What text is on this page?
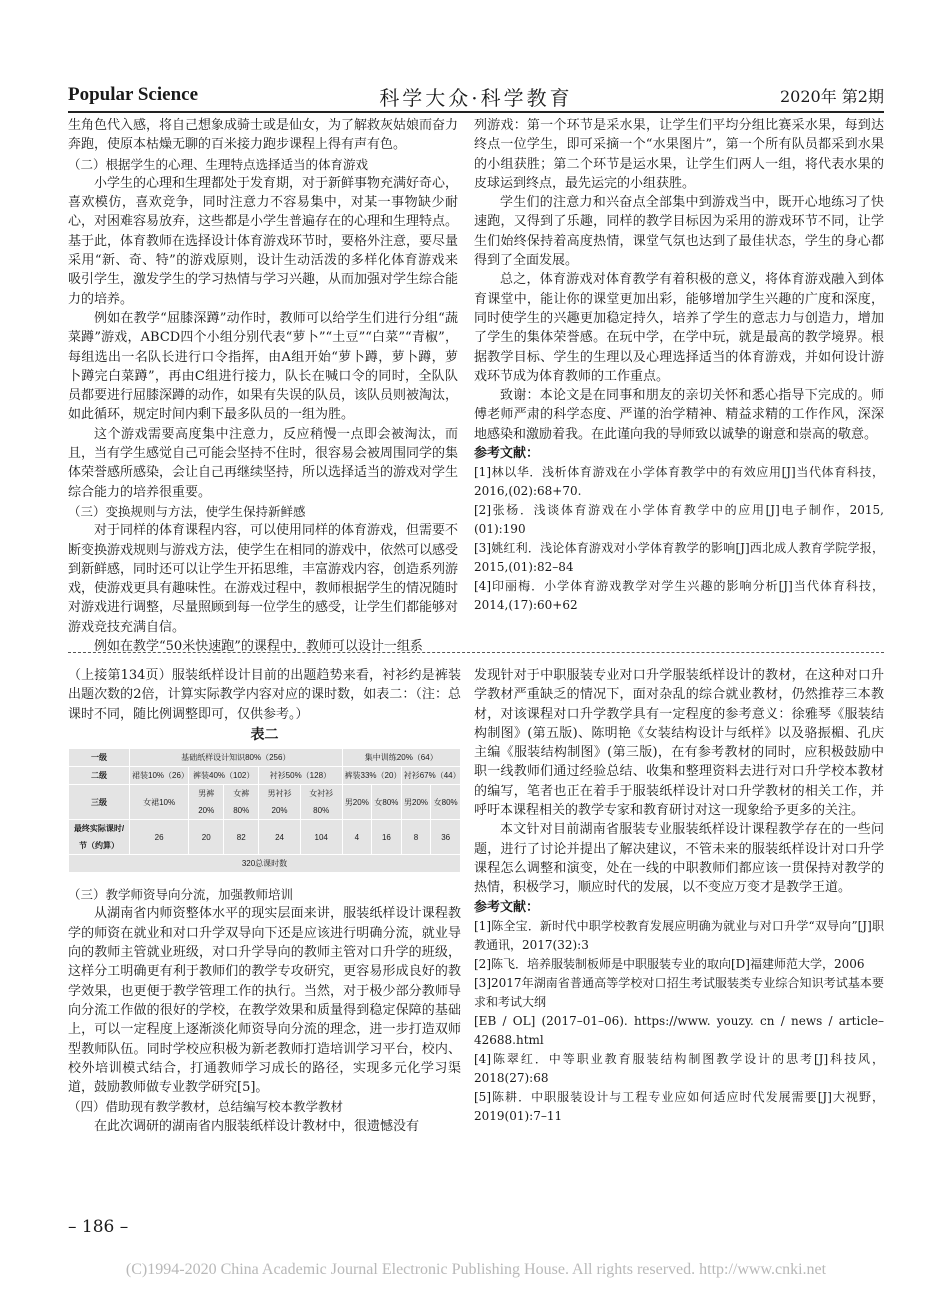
Popular Science	科学大众·科学教育	2020年 第2期

生角色代入感，将自己想象成骑士或是仙女，为了解救灰姑娘而奋力奔跑，使原本枯燥无聊的百米接力跑步课程上得有声有色。

（二）根据学生的心理、生理特点选择适当的体育游戏

小学生的心理和生理都处于发育期，对于新鲜事物充满好奇心，喜欢模仿，喜欢竞争，同时注意力不容易集中，对某一事物缺少耐心，对困难容易放弃，这些都是小学生普遍存在的心理和生理特点。基于此，体育教师在选择设计体育游戏环节时，要格外注意，要尽量采用“新、奇、特”的游戏原则，设计生动活泼的多样化体育游戏来吸引学生，激发学生的学习热情与学习兴趣，从而加强对学生综合能力的培养。

例如在教学“屈膝深蹲”动作时，教师可以给学生们进行分组“蔬菜蹲”游戏，ABCD四个小组分别代表“萝卜”“土豆”“白菜”“青椒”，每组选出一名队长进行口令指挥，由A组开始“萝卜蹲，萝卜蹲，萝卜蹲完白菜蹲”，再由C组进行接力，队长在喊口令的同时，全队队员都要进行屈膝深蹲的动作，如果有失误的队员，该队员则被淘汰，如此循环，规定时间内剩下最多队员的一组为胜。

这个游戏需要高度集中注意力，反应稍慢一点即会被淘汰，而且，当有学生感觉自己可能会坚持不住时，很容易会被周围同学的集体荣誉感所感染，会让自己再继续坚持，所以选择适当的游戏对学生综合能力的培养很重要。

（三）变换规则与方法，使学生保持新鲜感

对于同样的体育课程内容，可以使用同样的体育游戏，但需要不断变换游戏规则与游戏方法，使学生在相同的游戏中，依然可以感受到新鲜感，同时还可以让学生开拓思维，丰富游戏内容，创造系列游戏，使游戏更具有趣味性。在游戏过程中，教师根据学生的情况随时对游戏进行调整，尽量照顾到每一位学生的感受，让学生们都能够对游戏竞技充满自信。

例如在教学“50米快速跑”的课程中，教师可以设计一组系

列游戏：第一个环节是采水果，让学生们平均分组比赛采水果，每到达终点一位学生，即可采摘一个“水果图片”，第一个所有队员都采到水果的小组获胜；第二个环节是运水果，让学生们两人一组，将代表水果的皮球运到终点，最先运完的小组获胜。

学生们的注意力和兴奋点全部集中到游戏当中，既开心地练习了快速跑，又得到了乐趣，同样的教学目标因为采用的游戏环节不同，让学生们始终保持着高度热情，课堂气氛也达到了最佳状态，学生的身心都得到了全面发展。

总之，体育游戏对体育教学有着积极的意义，将体育游戏融入到体育课堂中，能让你的课堂更加出彩，能够增加学生兴趣的广度和深度，同时使学生的兴趣更加稳定持久，培养了学生的意志力与创造力，增加了学生的集体荣誉感。在玩中学，在学中玩，就是最高的教学境界。根据教学目标、学生的生理以及心理选择适当的体育游戏，并如何设计游戏环节成为体育教师的工作重点。

致谢：本论文是在同事和朋友的亲切关怀和悉心指导下完成的。师傅老师严肃的科学态度、严谨的治学精神、精益求精的工作作风，深深地感染和激励着我。在此谨向我的导师致以诚挚的谢意和崇高的敬意。

参考文献：

[1]林以华．浅析体育游戏在小学体育教学中的有效应用[J]当代体育科技，2016,(02):68+70.

[2]张杨．浅谈体育游戏在小学体育教学中的应用[J]电子制作，2015,(01):190

[3]姚红利．浅论体育游戏对小学体育教学的影响[J]西北成人教育学院学报，2015,(01):82–84

[4]印丽梅．小学体育游戏教学对学生兴趣的影响分析[J]当代体育科技，2014,(17):60+62

（上接第134页）服装纸样设计目前的出题趋势来看，衬衫约是裤装出题次数的2倍，计算实际教学内容对应的课时数，如表二：（注：总课时不同，随比例调整即可，仅供参考。）

表二
一级	基础纸样设计知识80%（256）					集中训练20%（64）			
二级	裙装10%（26）	裤装40%（102）		衬衫50%（128）		裤装33%（20）		衬衫67%（44）	
三级	女裙10%	男裤20%	女裤80%	男衬衫20%	女衬衫80%	男20%	女80%	男20%	女80%
最终实际课时/节（约算）	26	20	82	24	104	4	16	8	36
320总课时数									

（三）教学师资导向分流，加强教师培训

从湖南省内师资整体水平的现实层面来讲，服装纸样设计课程教学的师资在就业和对口升学双导向下还是应该进行明确分流，就业导向的教师主管就业班级，对口升学导向的教师主管对口升学的班级，这样分工明确更有利于教师们的教学专攻研究，更容易形成良好的教学效果，也更便于教学管理工作的执行。当然，对于极少部分教师导向分流工作做的很好的学校，在教学效果和质量得到稳定保障的基础上，可以一定程度上逐渐淡化师资导向分流的理念，进一步打造双师型教师队伍。同时学校应积极为新老教师打造培训学习平台，校内、校外培训模式结合，打通教师学习成长的路径，实现多元化学习渠道，鼓励教师做专业教学研究[5]。

（四）借助现有教学教材，总结编写校本教学教材

在此次调研的湖南省内服装纸样设计教材中，很遗憾没有

发现针对于中职服装专业对口升学服装纸样设计的教材，在这种对口升学教材严重缺乏的情况下，面对杂乱的综合就业教材，仍然推荐三本教材，对该课程对口升学教学具有一定程度的参考意义：徐雅琴《服装结构制图》(第五版)、陈明艳《女装结构设计与纸样》以及骆振楣、孔庆主编《服装结构制图》(第三版)，在有参考教材的同时，应积极鼓励中职一线教师们通过经验总结、收集和整理资料去进行对口升学校本教材的编写，笔者也正在着手于服装纸样设计对口升学教材的相关工作，并呼吁本课程相关的教学专家和教育研讨对这一现象给予更多的关注。

本文针对目前湖南省服装专业服装纸样设计课程教学存在的一些问题，进行了讨论并提出了解决建议，不管未来的服装纸样设计对口升学课程怎么调整和演变，处在一线的中职教师们都应该一贯保持对教学的热情，积极学习，顺应时代的发展，以不变应万变才是教学王道。

参考文献：

[1]陈全宝．新时代中职学校教育发展应明确为就业与对口升学“双导向”[J]职教通讯，2017(32):3

[2]陈飞．培养服装制板师是中职服装专业的取向[D]福建师范大学，2006

[3]2017年湖南省普通高等学校对口招生考试服装类专业综合知识考试基本要求和考试大纲

[EB / OL] (2017–01–06). https://www. youzy. cn / news / article–42688.html

[4]陈翠红．中等职业教育服装结构制图教学设计的思考[J]科技风，2018(27):68

[5]陈耕．中职服装设计与工程专业应如何适应时代发展需要[J]大视野，2019(01):7–11

– 186 –
(C)1994-2020 China Academic Journal Electronic Publishing House. All rights reserved. http://www.cnki.net
